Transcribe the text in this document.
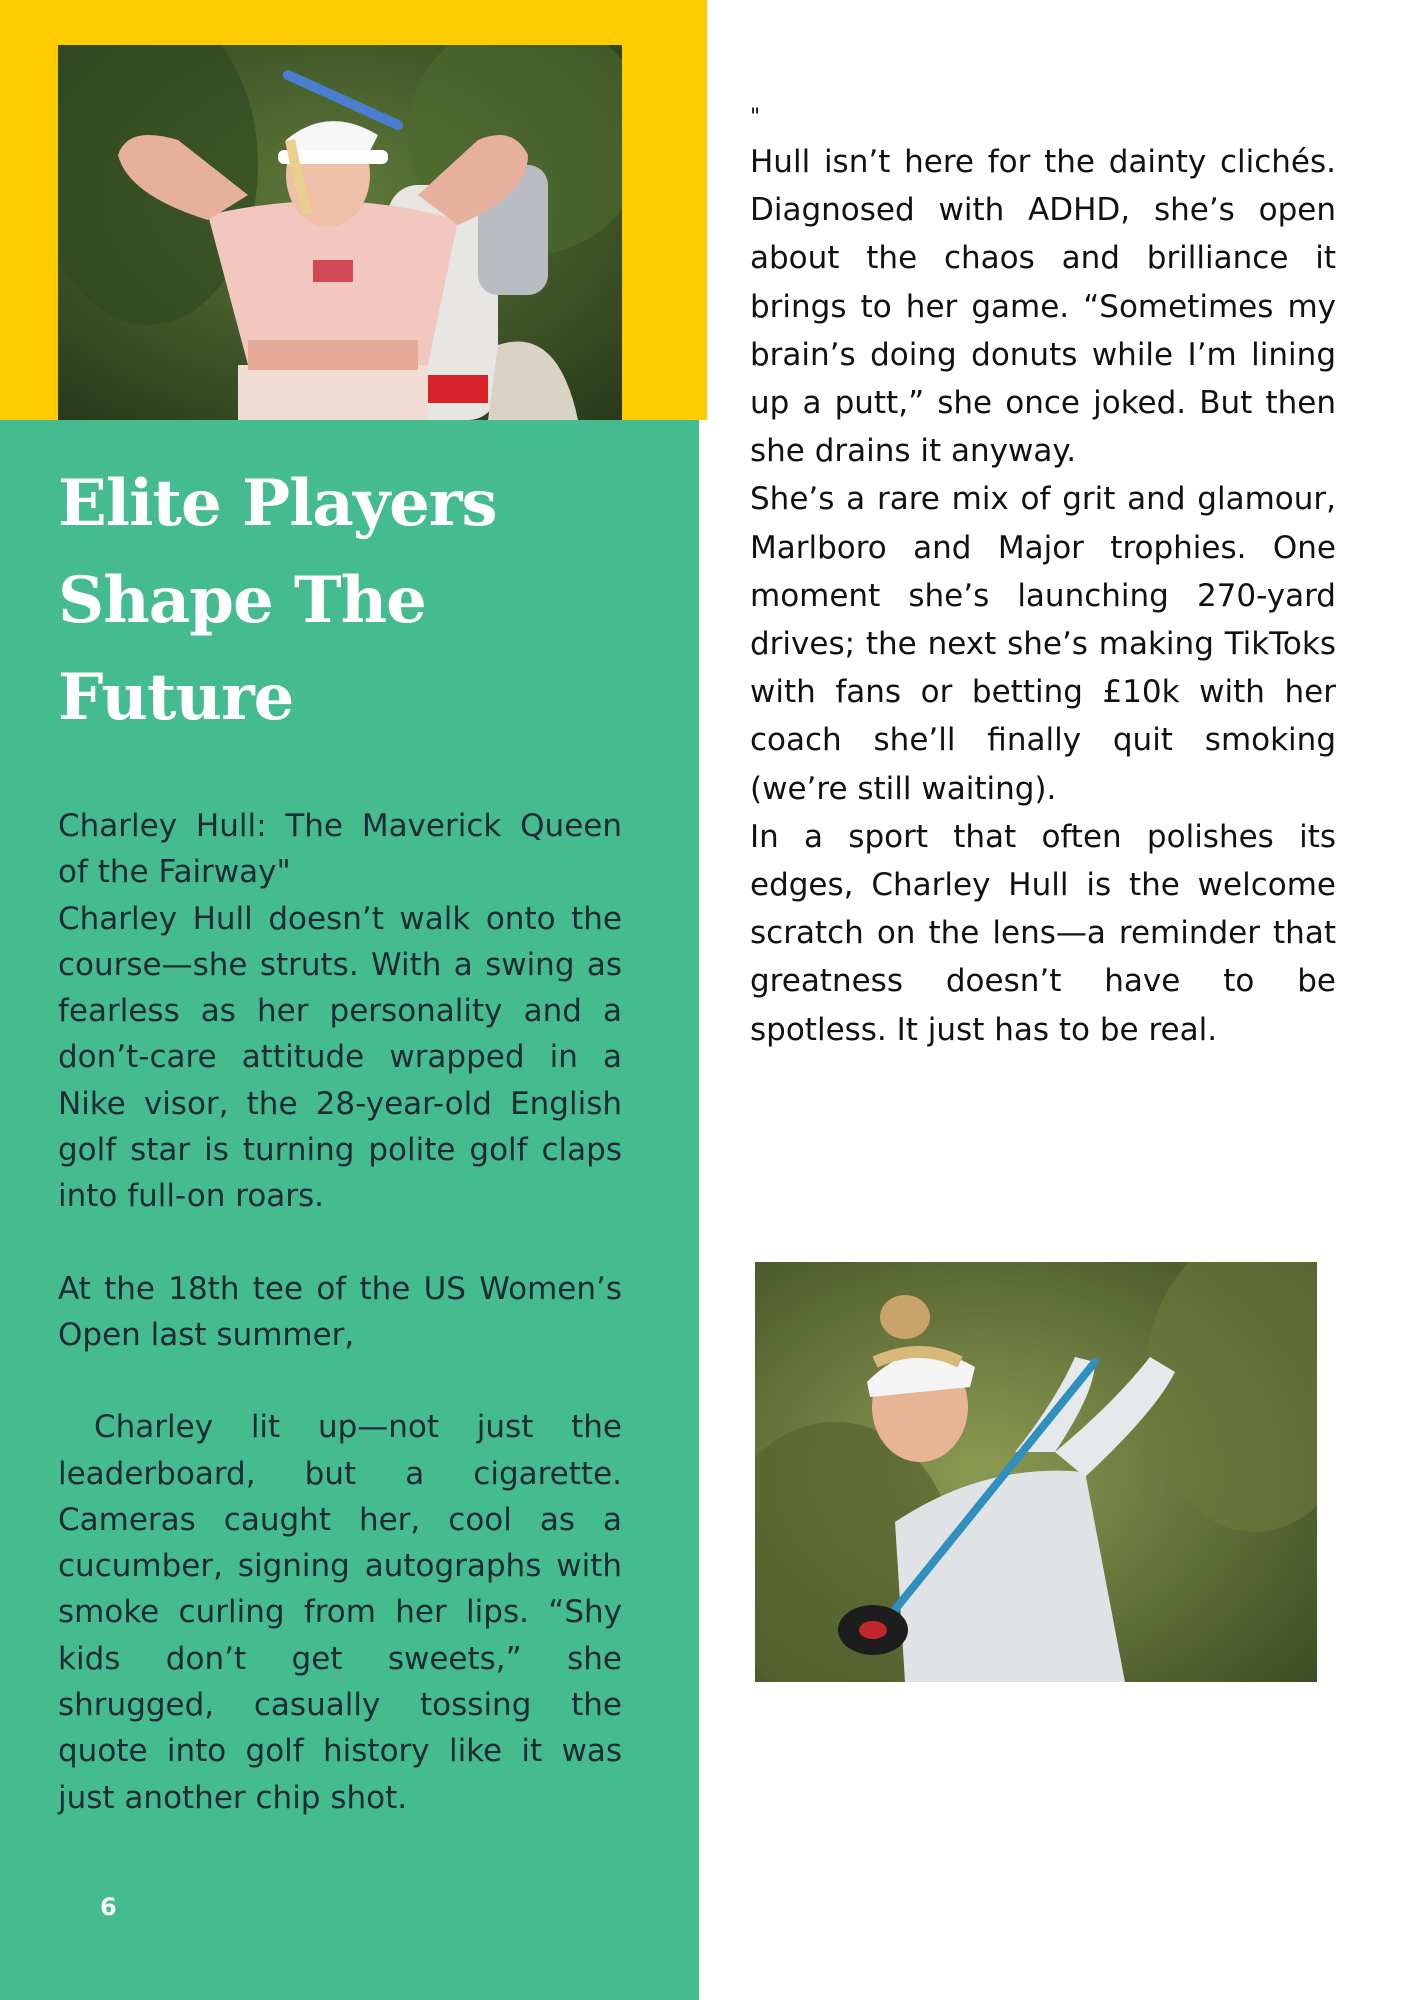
Elite Players Shape The Future

Charley Hull: The Maverick Queen of the Fairway"

Charley Hull doesn’t walk onto the course—she struts. With a swing as fearless as her personality and a don’t-care attitude wrapped in a Nike visor, the 28-year-old English golf star is turning polite golf claps into full-on roars.

At the 18th tee of the US Women’s Open last summer,

Charley lit up—not just the leaderboard, but a cigarette. Cameras caught her, cool as a cucumber, signing autographs with smoke curling from her lips. “Shy kids don’t get sweets,” she shrugged, casually tossing the quote into golf history like it was just another chip shot.

"

Hull isn’t here for the dainty clichés. Diagnosed with ADHD, she’s open about the chaos and brilliance it brings to her game. “Sometimes my brain’s doing donuts while I’m lining up a putt,” she once joked. But then she drains it anyway.

She’s a rare mix of grit and glamour, Marlboro and Major trophies. One moment she’s launching 270-yard drives; the next she’s making TikToks with fans or betting £10k with her coach she’ll finally quit smoking (we’re still waiting).

In a sport that often polishes its edges, Charley Hull is the welcome scratch on the lens—a reminder that greatness doesn’t have to be spotless. It just has to be real.

6
